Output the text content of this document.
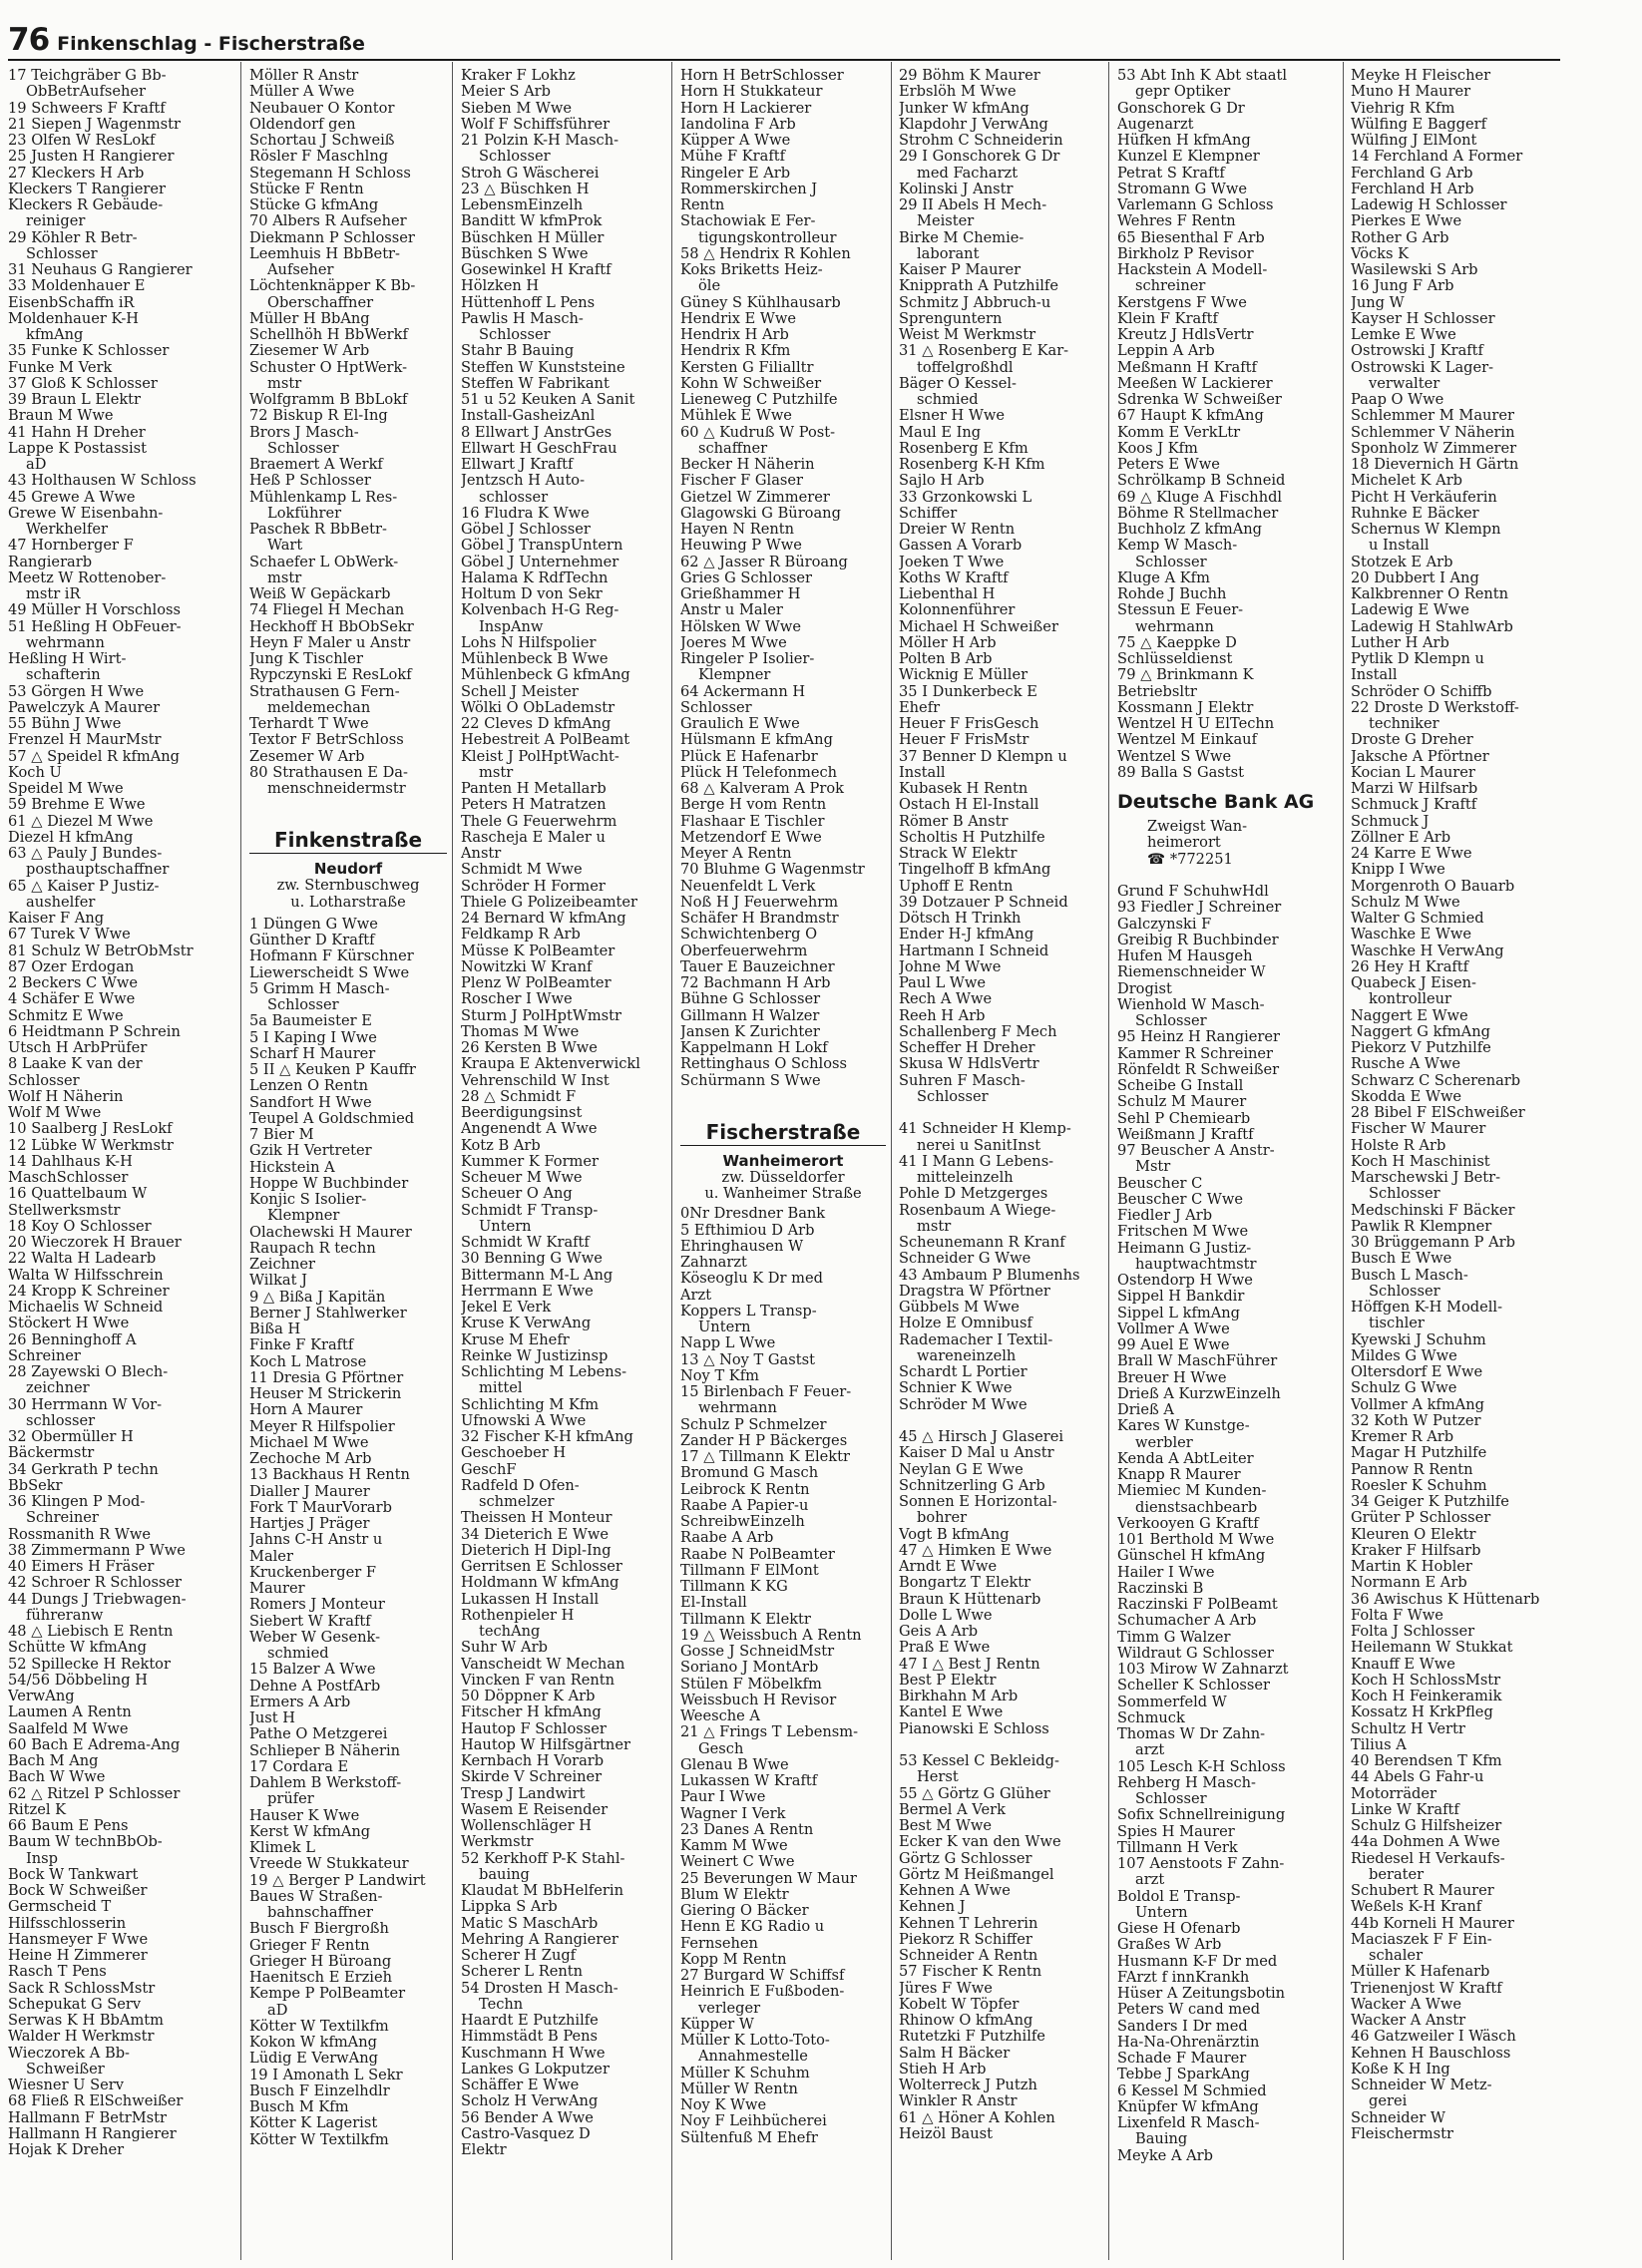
76 Finkenschlag - Fischerstraße
17 Teichgräber G Bb-
ObBetrAufseher
19 Schweers F Kraftf
21 Siepen J Wagenmstr
23 Olfen W ResLokf
25 Justen H Rangierer
27 Kleckers H Arb
Kleckers T Rangierer
Kleckers R Gebäude-
reiniger
29 Köhler R Betr-
Schlosser
31 Neuhaus G Rangierer
33 Moldenhauer E
EisenbSchaffn iR
Moldenhauer K-H
kfmAng
35 Funke K Schlosser
Funke M Verk
37 Gloß K Schlosser
39 Braun L Elektr
Braun M Wwe
41 Hahn H Dreher
Lappe K Postassist
aD
43 Holthausen W Schloss
45 Grewe A Wwe
Grewe W Eisenbahn-
Werkhelfer
47 Hornberger F
Rangierarb
Meetz W Rottenober-
mstr iR
49 Müller H Vorschloss
51 Heßling H ObFeuer-
wehrmann
Heßling H Wirt-
schafterin
53 Görgen H Wwe
Pawelczyk A Maurer
55 Bühn J Wwe
Frenzel H MaurMstr
57 △ Speidel R kfmAng
Koch U
Speidel M Wwe
59 Brehme E Wwe
61 △ Diezel M Wwe
Diezel H kfmAng
63 △ Pauly J Bundes-
posthauptschaffner
65 △ Kaiser P Justiz-
aushelfer
Kaiser F Ang
67 Turek V Wwe
81 Schulz W BetrObMstr
87 Özer Erdogan
2 Beckers C Wwe
4 Schäfer E Wwe
Schmitz E Wwe
6 Heidtmann P Schrein
Utsch H ArbPrüfer
8 Laake K van der
Schlosser
Wolf H Näherin
Wolf M Wwe
10 Saalberg J ResLokf
12 Lübke W Werkmstr
14 Dahlhaus K-H
MaschSchlosser
16 Quattelbaum W
Stellwerksmstr
18 Koy O Schlosser
20 Wieczorek H Brauer
22 Walta H Ladearb
Walta W Hilfsschrein
24 Kropp K Schreiner
Michaelis W Schneid
Stöckert H Wwe
26 Benninghoff A
Schreiner
28 Zayewski O Blech-
zeichner
30 Herrmann W Vor-
schlosser
32 Obermüller H
Bäckermstr
34 Gerkrath P techn
BbSekr
36 Klingen P Mod-
Schreiner
Rossmanith R Wwe
38 Zimmermann P Wwe
40 Eimers H Fräser
42 Schroer R Schlosser
44 Dungs J Triebwagen-
führeranw
48 △ Liebisch E Rentn
Schütte W kfmAng
52 Spillecke H Rektor
54/56 Döbbeling H
VerwAng
Laumen A Rentn
Saalfeld M Wwe
60 Bach E Adrema-Ang
Bach M Ang
Bach W Wwe
62 △ Ritzel P Schlosser
Ritzel K
66 Baum E Pens
Baum W technBbOb-
Insp
Bock W Tankwart
Bock W Schweißer
Germscheid T
Hilfsschlosserin
Hansmeyer F Wwe
Heine H Zimmerer
Rasch T Pens
Sack R SchlossMstr
Schepukat G Serv
Serwas K H BbAmtm
Walder H Werkmstr
Wieczorek A Bb-
Schweißer
Wiesner U Serv
68 Fließ R ElSchweißer
Hallmann F BetrMstr
Hallmann H Rangierer
Hojak K Dreher
Möller R Anstr
Müller A Wwe
Neubauer O Kontor
Oldendorf gen
Schortau J Schweiß
Rösler F Maschlng
Stegemann H Schloss
Stücke F Rentn
Stücke G kfmAng
70 Albers R Aufseher
Diekmann P Schlosser
Leemhuis H BbBetr-
Aufseher
Löchtenknäpper K Bb-
Oberschaffner
Müller H BbAng
Schellhöh H BbWerkf
Ziesemer W Arb
Schuster O HptWerk-
mstr
Wolfgramm B BbLokf
72 Biskup R El-Ing
Brors J Masch-
Schlosser
Braemert A Werkf
Heß P Schlosser
Mühlenkamp L Res-
Lokführer
Paschek R BbBetr-
Wart
Schaefer L ObWerk-
mstr
Weiß W Gepäckarb
74 Fliegel H Mechan
Heckhoff H BbObSekr
Heyn F Maler u Anstr
Jung K Tischler
Rypczynski E ResLokf
Strathausen G Fern-
meldemechan
Terhardt T Wwe
Textor F BetrSchloss
Zesemer W Arb
80 Strathausen E Da-
menschneidermstr
Finkenstraße
Neudorf
zw. Sternbuschweg
u. Lotharstraße
1 Düngen G Wwe
Günther D Kraftf
Hofmann F Kürschner
Liewerscheidt S Wwe
5 Grimm H Masch-
Schlosser
5a Baumeister E
5 I Kaping I Wwe
Scharf H Maurer
5 II △ Keuken P Kauffr
Lenzen O Rentn
Sandfort H Wwe
Teupel A Goldschmied
7 Bier M
Gzik H Vertreter
Hickstein A
Hoppe W Buchbinder
Konjic S Isolier-
Klempner
Olachewski H Maurer
Raupach R techn
Zeichner
Wilkat J
9 △ Bißa J Kapitän
Berner J Stahlwerker
Bißa H
Finke F Kraftf
Koch L Matrose
11 Dresia G Pförtner
Heuser M Strickerin
Horn A Maurer
Meyer R Hilfspolier
Michael M Wwe
Zechoche M Arb
13 Backhaus H Rentn
Dialler J Maurer
Fork T MaurVorarb
Hartjes J Präger
Jahns C-H Anstr u
Maler
Kruckenberger F
Maurer
Romers J Monteur
Siebert W Kraftf
Weber W Gesenk-
schmied
15 Balzer A Wwe
Dehne A PostfArb
Ermers A Arb
Just H
Pathe O Metzgerei
Schlieper B Näherin
17 Cordara E
Dahlem B Werkstoff-
prüfer
Hauser K Wwe
Kerst W kfmAng
Klimek L
Vreede W Stukkateur
19 △ Berger P Landwirt
Baues W Straßen-
bahnschaffner
Busch F Biergroßh
Grieger F Rentn
Grieger H Büroang
Haenitsch E Erzieh
Kempe P PolBeamter
aD
Kötter W Textilkfm
Kokon W kfmAng
Lüdig E VerwAng
19 I Amonath L Sekr
Busch F Einzelhdlr
Busch M Kfm
Kötter K Lagerist
Kötter W Textilkfm
Kraker F Lokhz
Meier S Arb
Sieben M Wwe
Wolf F Schiffsführer
21 Polzin K-H Masch-
Schlosser
Stroh G Wäscherei
23 △ Büschken H
LebensmEinzelh
Banditt W kfmProk
Büschken H Müller
Büschken S Wwe
Gosewinkel H Kraftf
Hölzken H
Hüttenhoff L Pens
Pawlis H Masch-
Schlosser
Stahr B Bauing
Steffen W Kunststeine
Steffen W Fabrikant
51 u 52 Keuken A Sanit
Install-GasheizAnl
8 Ellwart J AnstrGes
Ellwart H GeschFrau
Ellwart J Kraftf
Jentzsch H Auto-
schlosser
16 Fludra K Wwe
Göbel J Schlosser
Göbel J TranspUntern
Göbel J Unternehmer
Halama K RdfTechn
Holtum D von Sekr
Kolvenbach H-G Reg-
InspAnw
Lohs N Hilfspolier
Mühlenbeck B Wwe
Mühlenbeck G kfmAng
Schell J Meister
Wölki O ObLademstr
22 Cleves D kfmAng
Hebestreit A PolBeamt
Kleist J PolHptWacht-
mstr
Panten H Metallarb
Peters H Matratzen
Thele G Feuerwehrm
Rascheja E Maler u
Anstr
Schmidt M Wwe
Schröder H Former
Thiele G Polizeibeamter
24 Bernard W kfmAng
Feldkamp R Arb
Müsse K PolBeamter
Nowitzki W Kranf
Plenz W PolBeamter
Roscher I Wwe
Sturm J PolHptWmstr
Thomas M Wwe
26 Kersten B Wwe
Kraupa E Aktenverwickl
Vehrenschild W Inst
28 △ Schmidt F
Beerdigungsinst
Angenendt A Wwe
Kotz B Arb
Kummer K Former
Scheuer M Wwe
Scheuer O Ang
Schmidt F Transp-
Untern
Schmidt W Kraftf
30 Benning G Wwe
Bittermann M-L Ang
Herrmann E Wwe
Jekel E Verk
Kruse K VerwAng
Kruse M Ehefr
Reinke W Justizinsp
Schlichting M Lebens-
mittel
Schlichting M Kfm
Ufnowski A Wwe
32 Fischer K-H kfmAng
Geschoeber H
GeschF
Radfeld D Ofen-
schmelzer
Theissen H Monteur
34 Dieterich E Wwe
Dieterich H Dipl-Ing
Gerritsen E Schlosser
Holdmann W kfmAng
Lukassen H Install
Rothenpieler H
techAng
Suhr W Arb
Vanscheidt W Mechan
Vincken F van Rentn
50 Döppner K Arb
Fitscher H kfmAng
Hautop F Schlosser
Hautop W Hilfsgärtner
Kernbach H Vorarb
Skirde V Schreiner
Tresp J Landwirt
Wasem E Reisender
Wollenschläger H
Werkmstr
52 Kerkhoff P-K Stahl-
bauing
Klaudat M BbHelferin
Lippka S Arb
Matic S MaschArb
Mehring A Rangierer
Scherer H Zugf
Scherer L Rentn
54 Drosten H Masch-
Techn
Haardt E Putzhilfe
Himmstädt B Pens
Kuschmann H Wwe
Lankes G Lokputzer
Schäffer E Wwe
Scholz H VerwAng
56 Bender A Wwe
Castro-Vasquez D
Elektr
Horn H BetrSchlosser
Horn H Stukkateur
Horn H Lackierer
Iandolina F Arb
Küpper A Wwe
Mühe F Kraftf
Ringeler E Arb
Rommerskirchen J
Rentn
Stachowiak E Fer-
tigungskontrolleur
58 △ Hendrix R Kohlen
Koks Briketts Heiz-
öle
Güney S Kühlhausarb
Hendrix E Wwe
Hendrix H Arb
Hendrix R Kfm
Kersten G Filialltr
Kohn W Schweißer
Lieneweg C Putzhilfe
Mühlek E Wwe
60 △ Kudruß W Post-
schaffner
Becker H Näherin
Fischer F Glaser
Gietzel W Zimmerer
Glagowski G Büroang
Hayen N Rentn
Heuwing P Wwe
62 △ Jasser R Büroang
Gries G Schlosser
Grießhammer H
Anstr u Maler
Hölsken W Wwe
Joeres M Wwe
Ringeler P Isolier-
Klempner
64 Ackermann H
Schlosser
Graulich E Wwe
Hülsmann E kfmAng
Plück E Hafenarbr
Plück H Telefonmech
68 △ Kalveram A Prok
Berge H vom Rentn
Flashaar E Tischler
Metzendorf E Wwe
Meyer A Rentn
70 Bluhme G Wagenmstr
Neuenfeldt L Verk
Noß H J Feuerwehrm
Schäfer H Brandmstr
Schwichtenberg O
Oberfeuerwehrm
Tauer E Bauzeichner
72 Bachmann H Arb
Bühne G Schlosser
Gillmann H Walzer
Jansen K Zurichter
Kappelmann H Lokf
Rettinghaus O Schloss
Schürmann S Wwe
Fischerstraße
Wanheimerort
zw. Düsseldorfer
u. Wanheimer Straße
0Nr Dresdner Bank
5 Efthimiou D Arb
Ehringhausen W
Zahnarzt
Köseoglu K Dr med
Arzt
Koppers L Transp-
Untern
Napp L Wwe
13 △ Noy T Gastst
Noy T Kfm
15 Birlenbach F Feuer-
wehrmann
Schulz P Schmelzer
Zander H P Bäckerges
17 △ Tillmann K Elektr
Bromund G Masch
Leibrock K Rentn
Raabe A Papier-u
SchreibwEinzelh
Raabe A Arb
Raabe N PolBeamter
Tillmann F ElMont
Tillmann K KG
El-Install
Tillmann K Elektr
19 △ Weissbuch A Rentn
Gosse J SchneidMstr
Soriano J MontArb
Stülen F Möbelkfm
Weissbuch H Revisor
Weesche A
21 △ Frings T Lebensm-
Gesch
Glenau B Wwe
Lukassen W Kraftf
Paur I Wwe
Wagner I Verk
23 Danes A Rentn
Kamm M Wwe
Weinert C Wwe
25 Beverungen W Maur
Blum W Elektr
Giering O Bäcker
Henn E KG Radio u
Fernsehen
Kopp M Rentn
27 Burgard W Schiffsf
Heinrich E Fußboden-
verleger
Küpper W
Müller K Lotto-Toto-
Annahmestelle
Müller K Schuhm
Müller W Rentn
Noy K Wwe
Noy F Leihbücherei
Sültenfuß M Ehefr
29 Böhm K Maurer
Erbslöh M Wwe
Junker W kfmAng
Klapdohr J VerwAng
Strohm C Schneiderin
29 I Gonschorek G Dr
med Facharzt
Kolinski J Anstr
29 II Abels H Mech-
Meister
Birke M Chemie-
laborant
Kaiser P Maurer
Knipprath A Putzhilfe
Schmitz J Abbruch-u
Sprenguntern
Weist M Werkmstr
31 △ Rosenberg E Kar-
toffelgroßhdl
Bäger O Kessel-
schmied
Elsner H Wwe
Maul E Ing
Rosenberg E Kfm
Rosenberg K-H Kfm
Sajlo H Arb
33 Grzonkowski L
Schiffer
Dreier W Rentn
Gassen A Vorarb
Joeken T Wwe
Koths W Kraftf
Liebenthal H
Kolonnenführer
Michael H Schweißer
Möller H Arb
Polten B Arb
Wicknig E Müller
35 I Dunkerbeck E
Ehefr
Heuer F FrisGesch
Heuer F FrisMstr
37 Benner D Klempn u
Install
Kubasek H Rentn
Ostach H El-Install
Römer B Anstr
Scholtis H Putzhilfe
Strack W Elektr
Tingelhoff B kfmAng
Uphoff E Rentn
39 Dotzauer P Schneid
Dötsch H Trinkh
Ender H-J kfmAng
Hartmann I Schneid
Johne M Wwe
Paul L Wwe
Rech A Wwe
Reeh H Arb
Schallenberg F Mech
Scheffer H Dreher
Skusa W HdlsVertr
Suhren F Masch-
Schlosser
41 Schneider H Klemp-
nerei u SanitInst
41 I Mann G Lebens-
mitteleinzelh
Pohle D Metzgerges
Rosenbaum A Wiege-
mstr
Scheunemann R Kranf
Schneider G Wwe
43 Ambaum P Blumenhs
Dragstra W Pförtner
Gübbels M Wwe
Holze E Omnibusf
Rademacher I Textil-
wareneinzelh
Schardt L Portier
Schnier K Wwe
Schröder M Wwe
45 △ Hirsch J Glaserei
Kaiser D Mal u Anstr
Neylan G E Wwe
Schnitzerling G Arb
Sonnen E Horizontal-
bohrer
Vogt B kfmAng
47 △ Himken E Wwe
Arndt E Wwe
Bongartz T Elektr
Braun K Hüttenarb
Dolle L Wwe
Geis A Arb
Praß E Wwe
47 I △ Best J Rentn
Best P Elektr
Birkhahn M Arb
Kantel E Wwe
Pianowski E Schloss
53 Kessel C Bekleidg-
Herst
55 △ Görtz G Glüher
Bermel A Verk
Best M Wwe
Ecker K van den Wwe
Görtz G Schlosser
Görtz M Heißmangel
Kehnen A Wwe
Kehnen J
Kehnen T Lehrerin
Piekorz R Schiffer
Schneider A Rentn
57 Fischer K Rentn
Jüres F Wwe
Kobelt W Töpfer
Rhinow O kfmAng
Rutetzki F Putzhilfe
Salm H Bäcker
Stieh H Arb
Wolterreck J Putzh
Winkler R Anstr
61 △ Höner A Kohlen
Heizöl Baust
53 Abt Inh K Abt staatl
gepr Optiker
Gonschorek G Dr
Augenarzt
Hüfken H kfmAng
Kunzel E Klempner
Petrat S Kraftf
Stromann G Wwe
Varlemann G Schloss
Wehres F Rentn
65 Biesenthal F Arb
Birkholz P Revisor
Hackstein A Modell-
schreiner
Kerstgens F Wwe
Klein F Kraftf
Kreutz J HdlsVertr
Leppin A Arb
Meßmann H Kraftf
Meeßen W Lackierer
Sdrenka W Schweißer
67 Haupt K kfmAng
Komm E VerkLtr
Koos J Kfm
Peters E Wwe
Schrölkamp B Schneid
69 △ Kluge A Fischhdl
Böhme R Stellmacher
Buchholz Z kfmAng
Kemp W Masch-
Schlosser
Kluge A Kfm
Rohde J Buchh
Stessun E Feuer-
wehrmann
75 △ Kaeppke D
Schlüsseldienst
79 △ Brinkmann K
Betriebsltr
Kossmann J Elektr
Wentzel H U ElTechn
Wentzel M Einkauf
Wentzel S Wwe
89 Balla S Gastst
Deutsche Bank AG
Zweigst Wan-
heimerort
☎ *772251
Grund F SchuhwHdl
93 Fiedler J Schreiner
Galczynski F
Greibig R Buchbinder
Hufen M Hausgeh
Riemenschneider W
Drogist
Wienhold W Masch-
Schlosser
95 Heinz H Rangierer
Kammer R Schreiner
Rönfeldt R Schweißer
Scheibe G Install
Schulz M Maurer
Sehl P Chemiearb
Weißmann J Kraftf
97 Beuscher A Anstr-
Mstr
Beuscher C
Beuscher C Wwe
Fiedler J Arb
Fritschen M Wwe
Heimann G Justiz-
hauptwachtmstr
Ostendorp H Wwe
Sippel H Bankdir
Sippel L kfmAng
Vollmer A Wwe
99 Auel E Wwe
Brall W MaschFührer
Breuer H Wwe
Drieß A KurzwEinzelh
Drieß A
Kares W Kunstge-
werbler
Kenda A AbtLeiter
Knapp R Maurer
Miemiec M Kunden-
dienstsachbearb
Verkooyen G Kraftf
101 Berthold M Wwe
Günschel H kfmAng
Hailer I Wwe
Raczinski B
Raczinski F PolBeamt
Schumacher A Arb
Timm G Walzer
Wildraut G Schlosser
103 Mirow W Zahnarzt
Scheller K Schlosser
Sommerfeld W
Schmuck
Thomas W Dr Zahn-
arzt
105 Lesch K-H Schloss
Rehberg H Masch-
Schlosser
Sofix Schnellreinigung
Spies H Maurer
Tillmann H Verk
107 Aenstoots F Zahn-
arzt
Boldol E Transp-
Untern
Giese H Ofenarb
Graßes W Arb
Husmann K-F Dr med
FArzt f innKrankh
Hüser A Zeitungsbotin
Peters W cand med
Sanders I Dr med
Ha-Na-Ohrenärztin
Schade F Maurer
Tebbe J SparkAng
6 Kessel M Schmied
Knüpfer W kfmAng
Lixenfeld R Masch-
Bauing
Meyke A Arb
Meyke H Fleischer
Muno H Maurer
Viehrig R Kfm
Wülfing E Baggerf
Wülfing J ElMont
14 Ferchland A Former
Ferchland G Arb
Ferchland H Arb
Ladewig H Schlosser
Pierkes E Wwe
Rother G Arb
Vöcks K
Wasilewski S Arb
16 Jung F Arb
Jung W
Kayser H Schlosser
Lemke E Wwe
Ostrowski J Kraftf
Ostrowski K Lager-
verwalter
Paap O Wwe
Schlemmer M Maurer
Schlemmer V Näherin
Sponholz W Zimmerer
18 Dievernich H Gärtn
Michelet K Arb
Picht H Verkäuferin
Ruhnke E Bäcker
Schernus W Klempn
u Install
Stotzek E Arb
20 Dubbert I Ang
Kalkbrenner O Rentn
Ladewig E Wwe
Ladewig H StahlwArb
Luther H Arb
Pytlik D Klempn u
Install
Schröder O Schiffb
22 Droste D Werkstoff-
techniker
Droste G Dreher
Jaksche A Pförtner
Kocian L Maurer
Marzi W Hilfsarb
Schmuck J Kraftf
Schmuck J
Zöllner E Arb
24 Karre E Wwe
Knipp I Wwe
Morgenroth O Bauarb
Schulz M Wwe
Walter G Schmied
Waschke E Wwe
Waschke H VerwAng
26 Hey H Kraftf
Quabeck J Eisen-
kontrolleur
Naggert E Wwe
Naggert G kfmAng
Piekorz V Putzhilfe
Rusche A Wwe
Schwarz C Scherenarb
Skodda E Wwe
28 Bibel F ElSchweißer
Fischer W Maurer
Holste R Arb
Koch H Maschinist
Marschewski J Betr-
Schlosser
Medschinski F Bäcker
Pawlik R Klempner
30 Brüggemann P Arb
Busch E Wwe
Busch L Masch-
Schlosser
Höffgen K-H Modell-
tischler
Kyewski J Schuhm
Mildes G Wwe
Oltersdorf E Wwe
Schulz G Wwe
Vollmer A kfmAng
32 Koth W Putzer
Kremer R Arb
Magar H Putzhilfe
Pannow R Rentn
Roesler K Schuhm
34 Geiger K Putzhilfe
Grüter P Schlosser
Kleuren O Elektr
Kraker F Hilfsarb
Martin K Hobler
Normann E Arb
36 Awischus K Hüttenarb
Folta F Wwe
Folta J Schlosser
Heilemann W Stukkat
Knauff E Wwe
Koch H SchlossMstr
Koch H Feinkeramik
Kossatz H KrkPfleg
Schultz H Vertr
Tilius A
40 Berendsen T Kfm
44 Abels G Fahr-u
Motorräder
Linke W Kraftf
Schulz G Hilfsheizer
44a Dohmen A Wwe
Riedesel H Verkaufs-
berater
Schubert R Maurer
Weßels K-H Kranf
44b Korneli H Maurer
Maciaszek F F Ein-
schaler
Müller K Hafenarb
Trienenjost W Kraftf
Wacker A Wwe
Wacker A Anstr
46 Gatzweiler I Wäsch
Kehnen H Bauschloss
Koße K H Ing
Schneider W Metz-
gerei
Schneider W
Fleischermstr
